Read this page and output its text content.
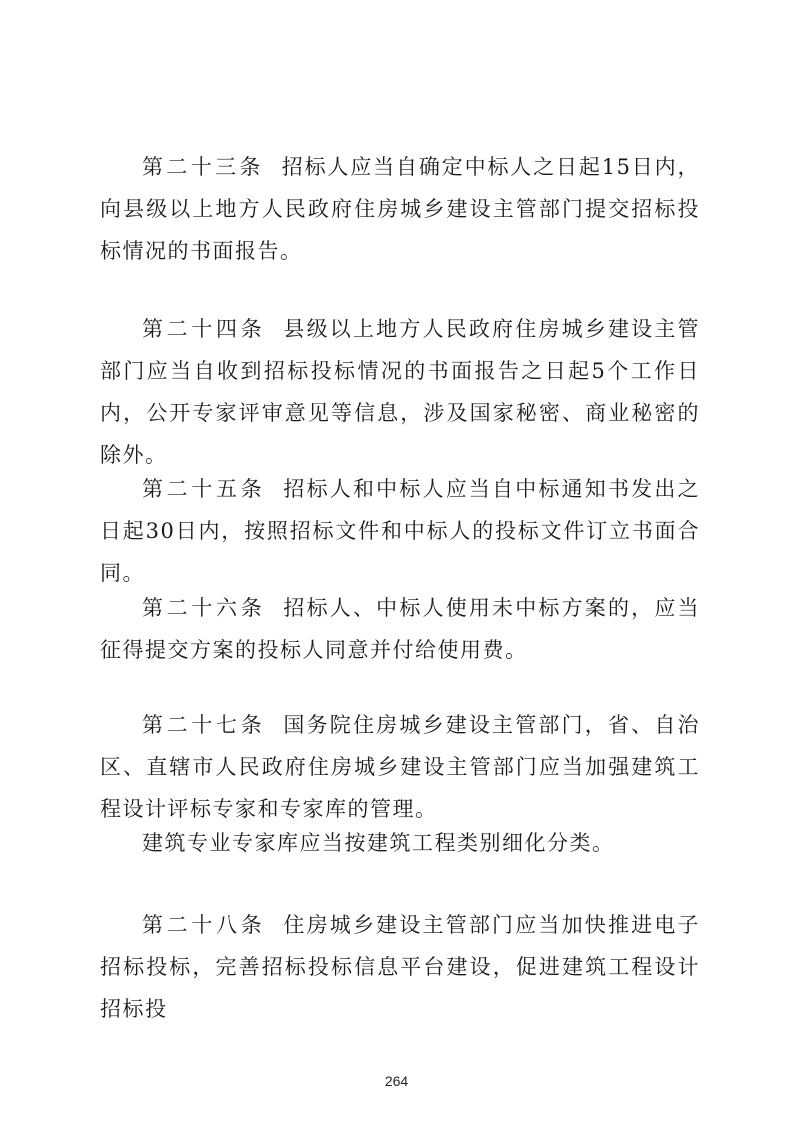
第二十三条 招标人应当自确定中标人之日起15日内，向县级以上地方人民政府住房城乡建设主管部门提交招标投标情况的书面报告。

第二十四条 县级以上地方人民政府住房城乡建设主管部门应当自收到招标投标情况的书面报告之日起5个工作日内，公开专家评审意见等信息，涉及国家秘密、商业秘密的除外。

第二十五条 招标人和中标人应当自中标通知书发出之日起30日内，按照招标文件和中标人的投标文件订立书面合同。

第二十六条 招标人、中标人使用未中标方案的，应当征得提交方案的投标人同意并付给使用费。

第二十七条 国务院住房城乡建设主管部门，省、自治区、直辖市人民政府住房城乡建设主管部门应当加强建筑工程设计评标专家和专家库的管理。

建筑专业专家库应当按建筑工程类别细化分类。

第二十八条 住房城乡建设主管部门应当加快推进电子招标投标，完善招标投标信息平台建设，促进建筑工程设计招标投

264
